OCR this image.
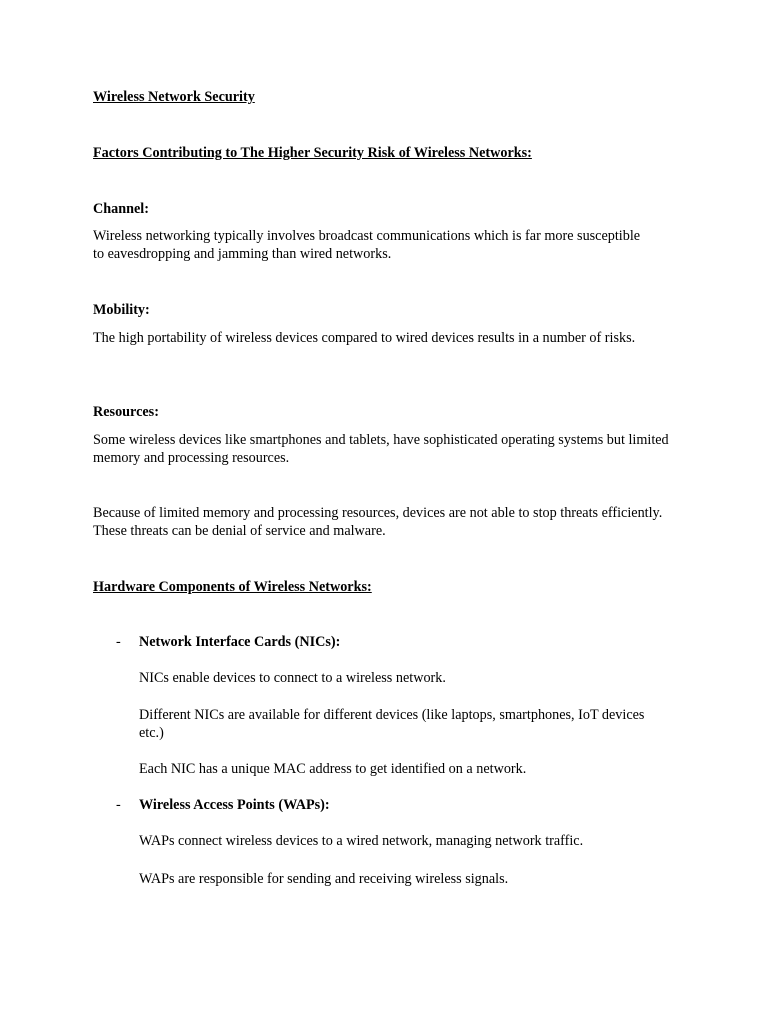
Wireless Network Security

Factors Contributing to The Higher Security Risk of Wireless Networks:

Channel:

Wireless networking typically involves broadcast communications which is far more susceptible to eavesdropping and jamming than wired networks.

Mobility:

The high portability of wireless devices compared to wired devices results in a number of risks.

Resources:

Some wireless devices like smartphones and tablets, have sophisticated operating systems but limited memory and processing resources.

Because of limited memory and processing resources, devices are not able to stop threats efficiently. These threats can be denial of service and malware.

Hardware Components of Wireless Networks:

- Network Interface Cards (NICs):

NICs enable devices to connect to a wireless network.

Different NICs are available for different devices (like laptops, smartphones, IoT devices etc.)

Each NIC has a unique MAC address to get identified on a network.

- Wireless Access Points (WAPs):

WAPs connect wireless devices to a wired network, managing network traffic.

WAPs are responsible for sending and receiving wireless signals.
